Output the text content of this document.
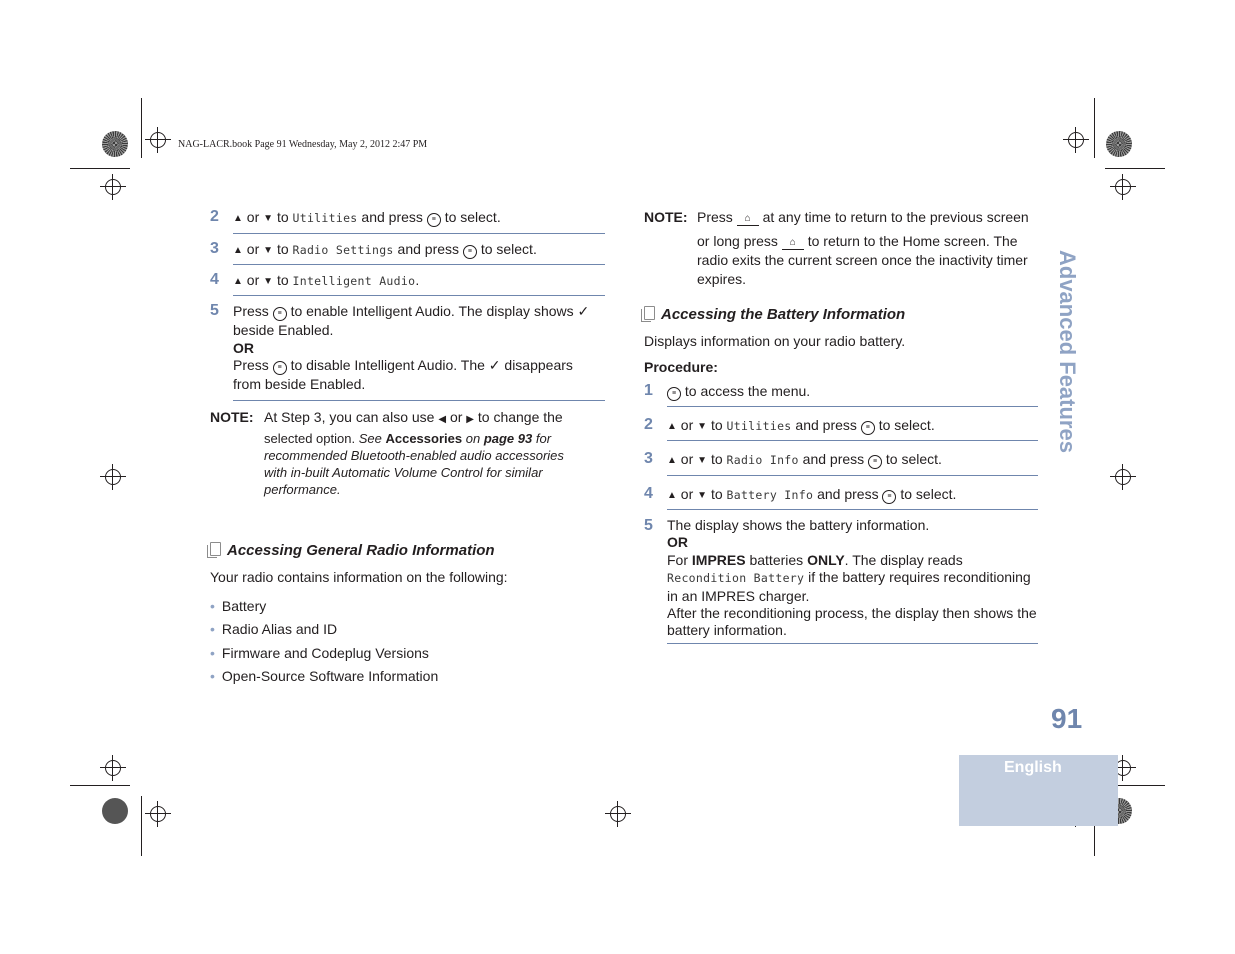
NAG-LACR.book Page 91 Wednesday, May 2, 2012 2:47 PM
2	▲ or ▼ to Utilities and press ≡ to select.
3	▲ or ▼ to Radio Settings and press ≡ to select.
4	▲ or ▼ to Intelligent Audio.
5	Press ≡ to enable Intelligent Audio. The display shows ✓
beside Enabled.
OR
Press ≡ to disable Intelligent Audio. The ✓ disappears
from beside Enabled.
NOTE: At Step 3, you can also use ◀ or ▶ to change the
selected option. See Accessories on page 93 for
recommended Bluetooth-enabled audio accessories
with in-built Automatic Volume Control for similar
performance.
Accessing General Radio Information
Your radio contains information on the following:
• Battery
• Radio Alias and ID
• Firmware and Codeplug Versions
• Open-Source Software Information
NOTE: Press ⌂ at any time to return to the previous screen
or long press ⌂ to return to the Home screen. The
radio exits the current screen once the inactivity timer
expires.
Accessing the Battery Information
Displays information on your radio battery.
Procedure:
1	≡ to access the menu.
2	▲ or ▼ to Utilities and press ≡ to select.
3	▲ or ▼ to Radio Info and press ≡ to select.
4	▲ or ▼ to Battery Info and press ≡ to select.
5	The display shows the battery information.
OR
For IMPRES batteries ONLY. The display reads
Recondition Battery if the battery requires reconditioning
in an IMPRES charger.
After the reconditioning process, the display then shows the
battery information.
Advanced Features
91
English
